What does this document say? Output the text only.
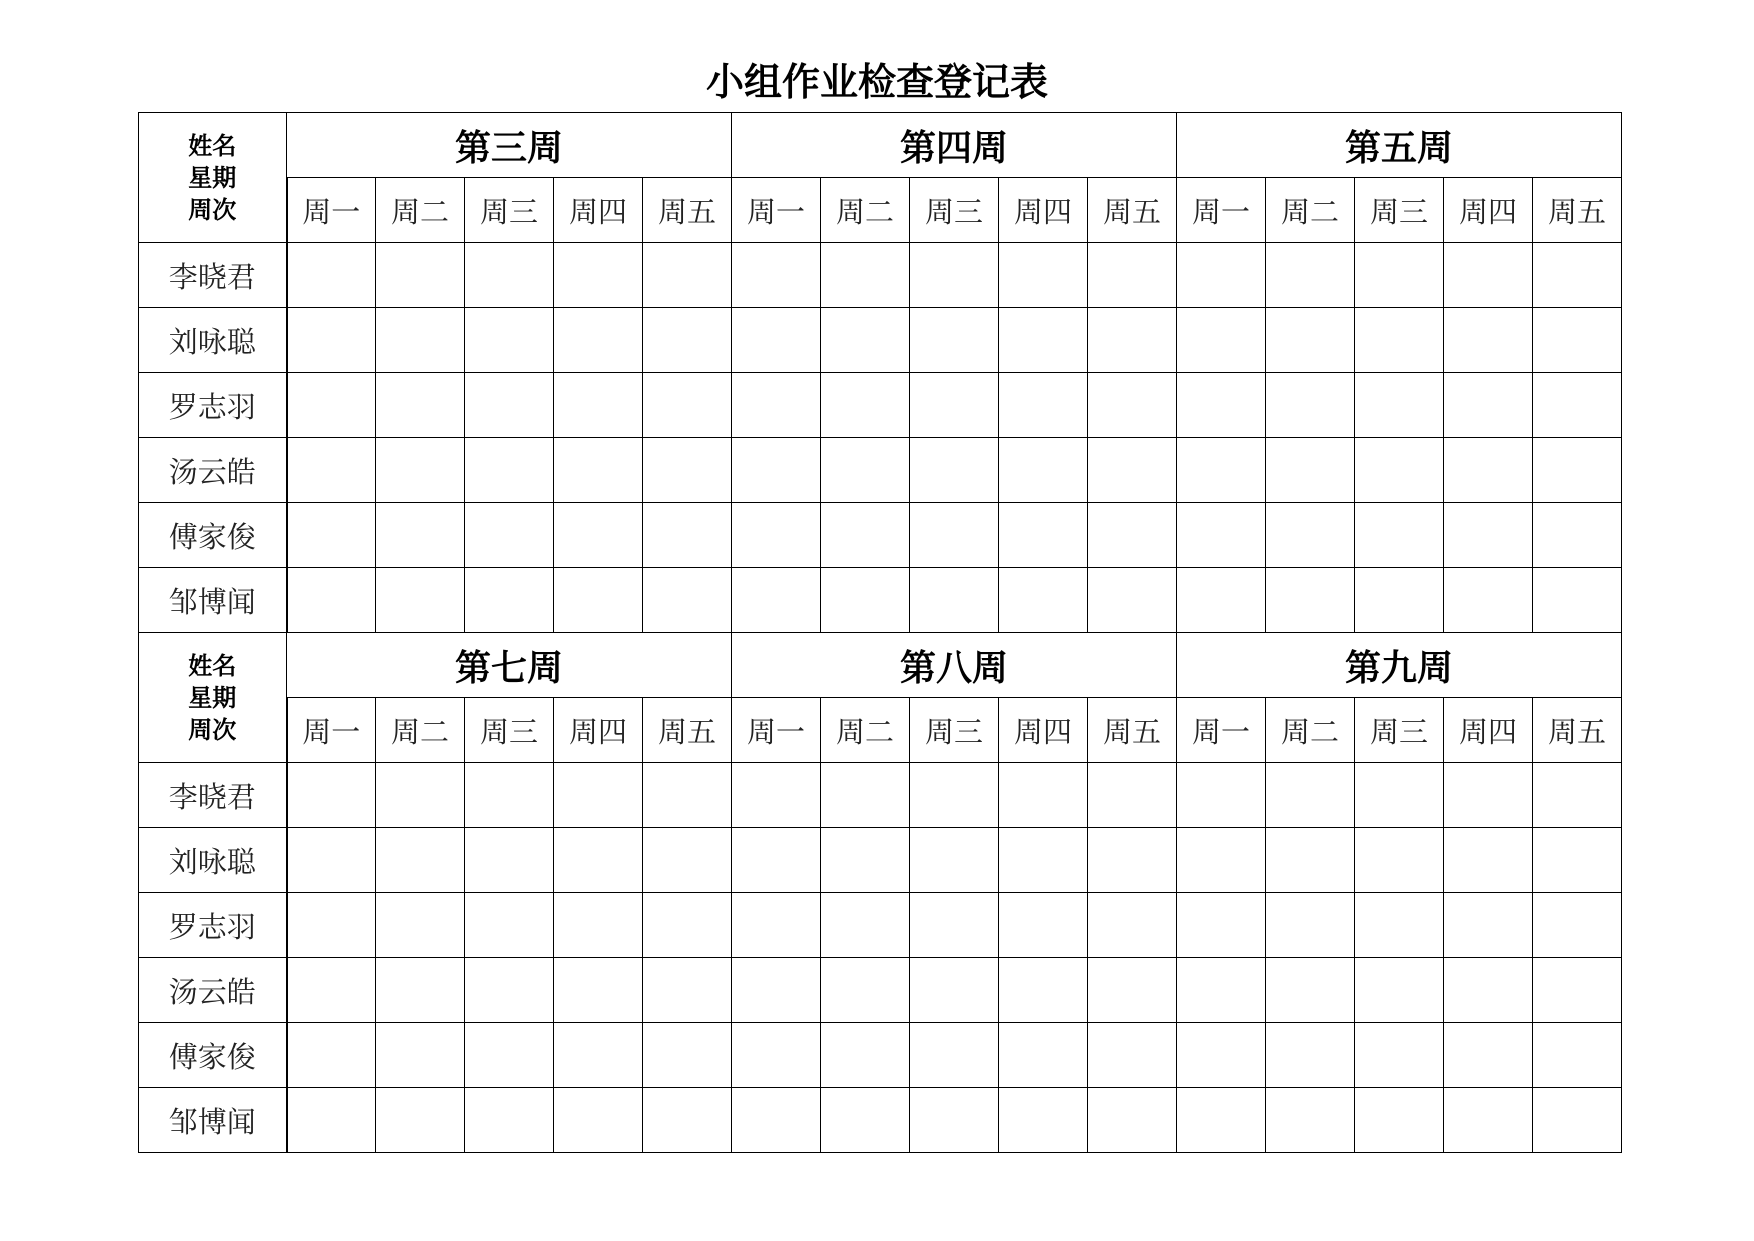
小组作业检查登记表
姓名
星期
周次	第三周					第四周					第五周				
	周一	周二	周三	周四	周五	周一	周二	周三	周四	周五	周一	周二	周三	周四	周五
李晓君															
刘咏聪															
罗志羽															
汤云皓															
傅家俊															
邹博闻															

姓名
星期
周次	第七周					第八周					第九周				
	周一	周二	周三	周四	周五	周一	周二	周三	周四	周五	周一	周二	周三	周四	周五
李晓君															
刘咏聪															
罗志羽															
汤云皓															
傅家俊															
邹博闻															
